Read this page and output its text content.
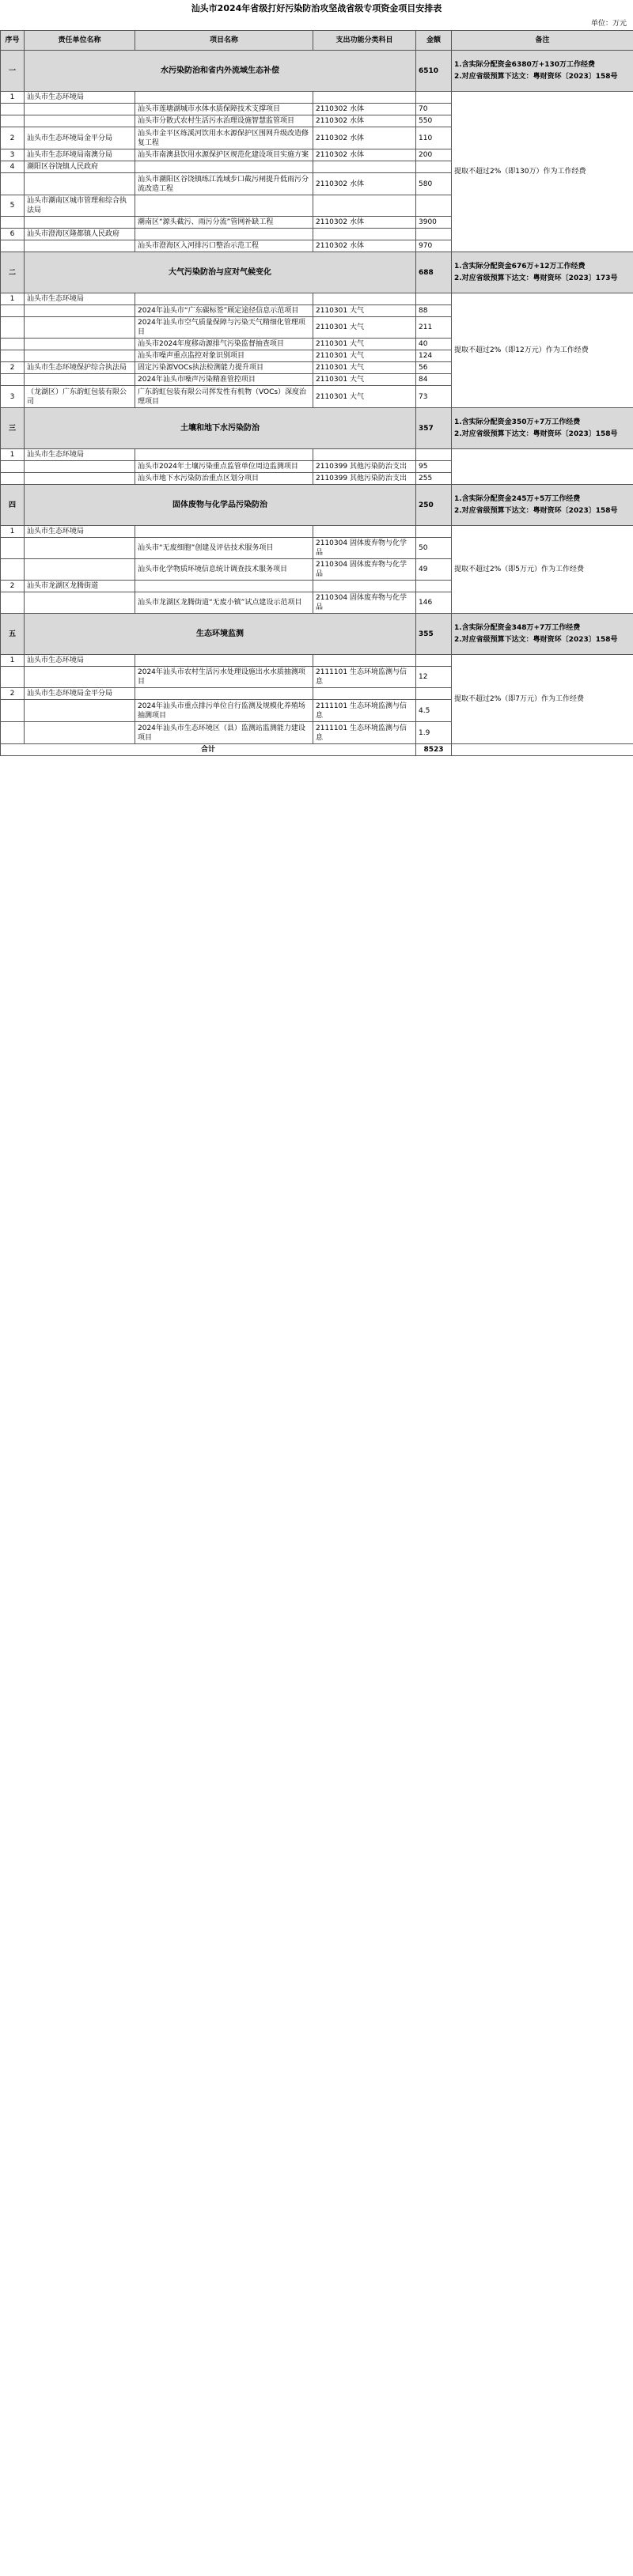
汕头市2024年省级打好污染防治攻坚战省级专项资金项目安排表
单位：万元
序号	责任单位名称	项目名称	支出功能分类科目	金额	备注
一	水污染防治和省内外流域生态补偿			6510	1.含实际分配资金6380万+130万工作经费
2.对应省级预算下达文：粤财资环〔2023〕158号
1	汕头市生态环境局				提取不超过2%（即130万）作为工作经费
		汕头市莲塘湖城市水体水质保障技术支撑项目	2110302 水体	70	
		汕头市分散式农村生活污水治理设施智慧监管项目	2110302 水体	550	
2	汕头市生态环境局金平分局	汕头市金平区练溪河饮用水水源保护区围网升级改造修复工程	2110302 水体	110	
3	汕头市生态环境局南澳分局	汕头市南澳县饮用水源保护区规范化建设项目实施方案	2110302 水体	200	
4	潮阳区谷饶镇人民政府				
		汕头市潮阳区谷饶镇练江流域步口截污闸提升低雨污分流改造工程	2110302 水体	580	
5	汕头市潮南区城市管理和综合执法局				
		潮南区“源头截污、雨污分流”管网补缺工程	2110302 水体	3900	
6	汕头市澄海区隆都镇人民政府				
		汕头市澄海区入河排污口整治示范工程	2110302 水体	970	
二	大气污染防治与应对气候变化			688	1.含实际分配资金676万+12万工作经费
2.对应省级预算下达文：粤财资环〔2023〕173号
1	汕头市生态环境局				提取不超过2%（即12万元）作为工作经费
		2024年汕头市“广东碳标签”顾定途径信息示范项目	2110301 大气	88	
		2024年汕头市空气质量保障与污染天气精细化管理项目	2110301 大气	211	
		汕头市2024年度移动源排气污染监督抽查项目	2110301 大气	40	
		汕头市噪声重点监控对象识别项目	2110301 大气	124	
2	汕头市生态环境保护综合执法局	固定污染源VOCs执法检测能力提升项目	2110301 大气	56	
		2024年汕头市噪声污染精准管控项目	2110301 大气	84	
3	（龙湖区）广东韵虹包装有限公司	广东韵虹包装有限公司挥发性有机物（VOCs）深度治理项目	2110301 大气	73	
三	土壤和地下水污染防治			357	1.含实际分配资金350万+7万工作经费
2.对应省级预算下达文：粤财资环〔2023〕158号
1	汕头市生态环境局				
		汕头市2024年土壤污染重点监管单位周边监测项目	2110399 其他污染防治支出	95	
		汕头市地下水污染防治重点区划分项目	2110399 其他污染防治支出	255	
四	固体废物与化学品污染防治			250	1.含实际分配资金245万+5万工作经费
2.对应省级预算下达文：粤财资环〔2023〕158号
1	汕头市生态环境局				提取不超过2%（即5万元）作为工作经费
		汕头市“无废细胞”创建及评估技术服务项目	2110304 固体废弃物与化学品	50	
		汕头市化学物质环境信息统计调查技术服务项目	2110304 固体废弃物与化学品	49	
2	汕头市龙湖区龙腾街道				
		汕头市龙湖区龙腾街道“无废小镇”试点建设示范项目	2110304 固体废弃物与化学品	146	
五	生态环境监测			355	1.含实际分配资金348万+7万工作经费
2.对应省级预算下达文：粤财资环〔2023〕158号
1	汕头市生态环境局				提取不超过2%（即7万元）作为工作经费
		2024年汕头市农村生活污水处理设施出水水质抽测项目	2111101 生态环境监测与信息	12	
2	汕头市生态环境局金平分局				
		2024年汕头市重点排污单位自行监测及规模化养殖场抽测项目	2111101 生态环境监测与信息	4.5	
		2024年汕头市生态环境区（县）监测站监测能力建设项目	2111101 生态环境监测与信息	1.9	
合计				8523	
